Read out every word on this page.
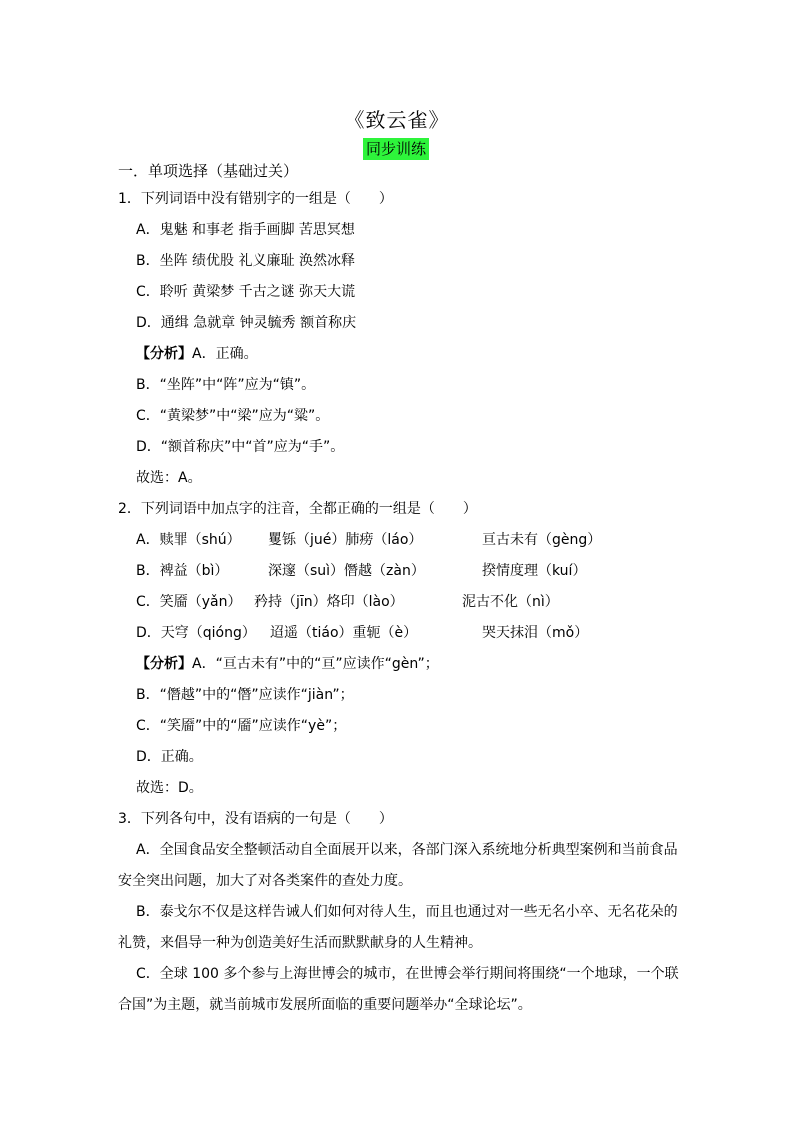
《致云雀》
同步训练
一．单项选择（基础过关）
1．下列词语中没有错别字的一组是（　　）
A．鬼魅 和事老 指手画脚 苦思冥想
B．坐阵 绩优股 礼义廉耻 涣然冰释
C．聆听 黄梁梦 千古之谜 弥天大谎
D．通缉 急就章 钟灵毓秀 额首称庆
【分析】A．正确。
B．“坐阵”中“阵”应为“镇”。
C．“黄梁梦”中“梁”应为“粱”。
D．“额首称庆”中“首”应为“手”。
故选：A。
2．下列词语中加点字的注音，全都正确的一组是（　　）
A．赎罪（shú） 矍铄（jué）肺痨（láo）	亘古未有（gèng）
B．裨益（bì）	深邃（suì）僭越（zàn）	揆情度理（kuí）
C．笑靥（yǎn） 矜持（jīn）烙印（lào）	泥古不化（nì）
D．天穹（qióng） 迢遥（tiáo）重轭（è）	哭天抹泪（mǒ）
【分析】A．“亘古未有”中的“亘”应读作“gèn”；
B．“僭越”中的“僭”应读作“jiàn”；
C．“笑靥”中的“靥”应读作“yè”；
D．正确。
故选：D。
3．下列各句中，没有语病的一句是（　　）
A．全国食品安全整顿活动自全面展开以来，各部门深入系统地分析典型案例和当前食品
安全突出问题，加大了对各类案件的查处力度。
B．泰戈尔不仅是这样告诫人们如何对待人生，而且也通过对一些无名小卒、无名花朵的
礼赞，来倡导一种为创造美好生活而默默献身的人生精神。
C．全球 100 多个参与上海世博会的城市，在世博会举行期间将围绕“一个地球，一个联
合国”为主题，就当前城市发展所面临的重要问题举办“全球论坛”。
